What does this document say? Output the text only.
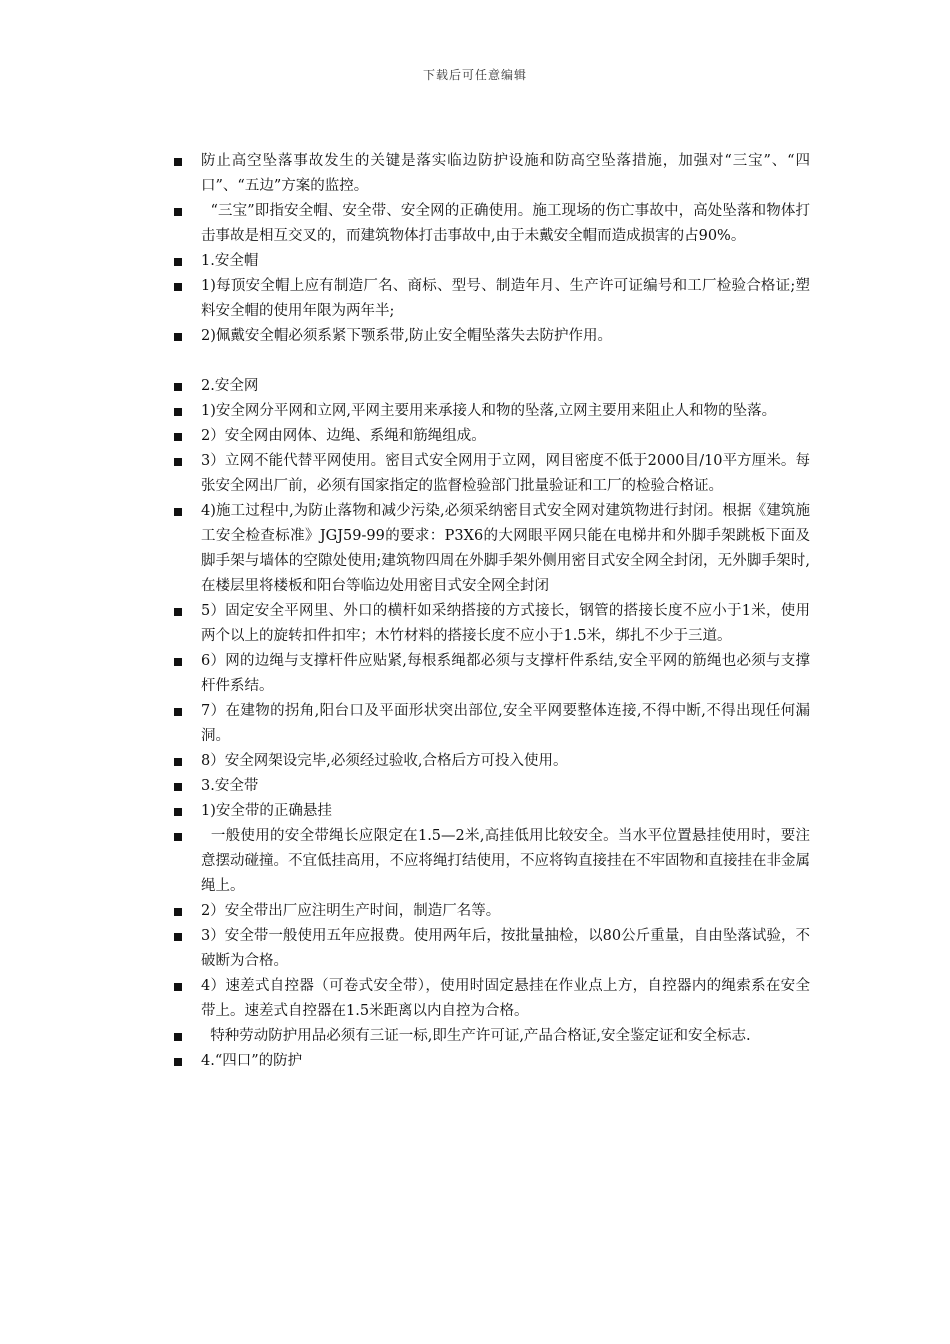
下载后可任意编辑
防止高空坠落事故发生的关键是落实临边防护设施和防高空坠落措施，加强对“三宝”、“四口”、“五边”方案的监控。
“三宝”即指安全帽、安全带、安全网的正确使用。施工现场的伤亡事故中，高处坠落和物体打击事故是相互交叉的，而建筑物体打击事故中,由于未戴安全帽而造成损害的占90%。
1.安全帽
1)每顶安全帽上应有制造厂名、商标、型号、制造年月、生产许可证编号和工厂检验合格证;塑料安全帽的使用年限为两年半;
2)佩戴安全帽必须系紧下颚系带,防止安全帽坠落失去防护作用。
2.安全网
1)安全网分平网和立网,平网主要用来承接人和物的坠落,立网主要用来阻止人和物的坠落。
2）安全网由网体、边绳、系绳和筋绳组成。
3）立网不能代替平网使用。密目式安全网用于立网，网目密度不低于2000目/10平方厘米。每张安全网出厂前，必须有国家指定的监督检验部门批量验证和工厂的检验合格证。
4)施工过程中,为防止落物和减少污染,必须采纳密目式安全网对建筑物进行封闭。根据《建筑施工安全检查标准》JGJ59-99的要求：P3X6的大网眼平网只能在电梯井和外脚手架跳板下面及脚手架与墙体的空隙处使用;建筑物四周在外脚手架外侧用密目式安全网全封闭，无外脚手架时,在楼层里将楼板和阳台等临边处用密目式安全网全封闭
5）固定安全平网里、外口的横杆如采纳搭接的方式接长，钢管的搭接长度不应小于1米，使用两个以上的旋转扣件扣牢；木竹材料的搭接长度不应小于1.5米，绑扎不少于三道。
6）网的边绳与支撑杆件应贴紧,每根系绳都必须与支撑杆件系结,安全平网的筋绳也必须与支撑杆件系结。
7）在建物的拐角,阳台口及平面形状突出部位,安全平网要整体连接,不得中断,不得出现任何漏洞。
8）安全网架设完毕,必须经过验收,合格后方可投入使用。
3.安全带
1)安全带的正确悬挂
一般使用的安全带绳长应限定在1.5—2米,高挂低用比较安全。当水平位置悬挂使用时，要注意摆动碰撞。不宜低挂高用，不应将绳打结使用，不应将钩直接挂在不牢固物和直接挂在非金属绳上。
2）安全带出厂应注明生产时间，制造厂名等。
3）安全带一般使用五年应报费。使用两年后，按批量抽检，以80公斤重量，自由坠落试验，不破断为合格。
4）速差式自控器（可卷式安全带），使用时固定悬挂在作业点上方，自控器内的绳索系在安全带上。速差式自控器在1.5米距离以内自控为合格。
特种劳动防护用品必须有三证一标,即生产许可证,产品合格证,安全鉴定证和安全标志.
4.“四口”的防护
